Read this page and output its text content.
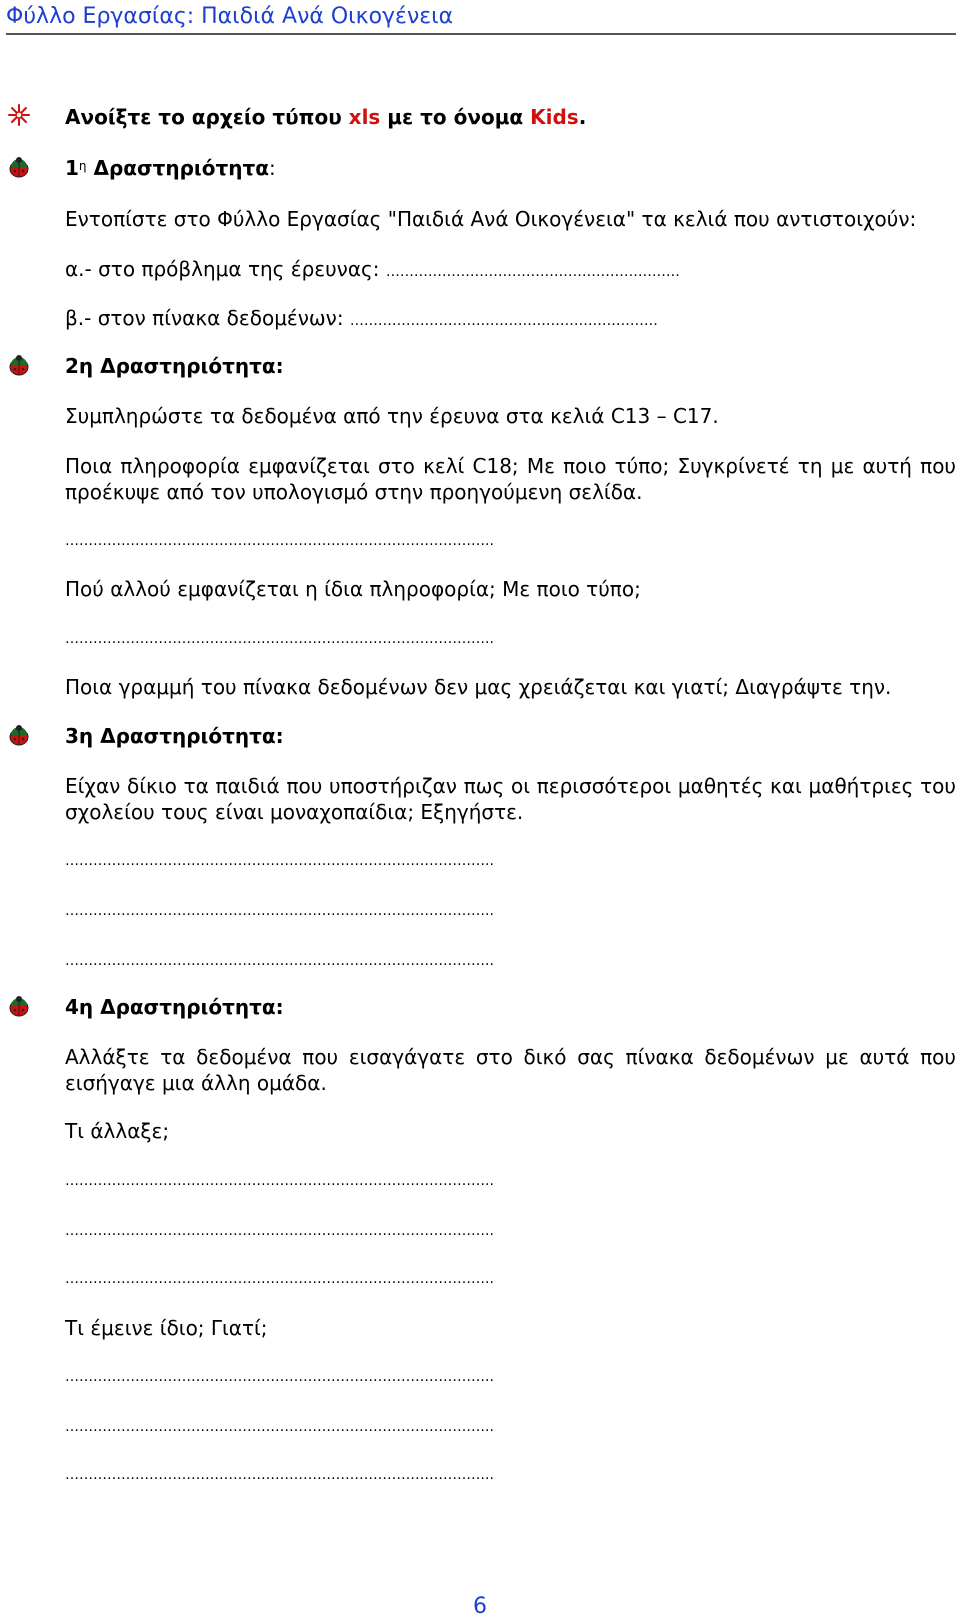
Φύλλο Εργασίας: Παιδιά Ανά Οικογένεια
Ανοίξτε το αρχείο τύπου xls με το όνομα Kids.
$1^\eta$ Δραστηριότητα:
Εντοπίστε στο Φύλλο Εργασίας "Παιδιά Ανά Οικογένεια" τα κελιά που αντιστοιχούν:
α.- στο πρόβλημα της έρευνας: ………………………………………………………
β.- στον πίνακα δεδομένων: …………………………………………………………
2η Δραστηριότητα:
Συμπληρώστε τα δεδομένα από την έρευνα στα κελιά C13 – C17.
Ποια πληροφορία εμφανίζεται στο κελί C18; Με ποιο τύπο; Συγκρίνετέ τη με αυτή που προέκυψε από τον υπολογισμό στην προηγούμενη σελίδα.
………………………………………………………………………………..
Πού αλλού εμφανίζεται η ίδια πληροφορία; Με ποιο τύπο;
………………………………………………………………………………..
Ποια γραμμή του πίνακα δεδομένων δεν μας χρειάζεται και γιατί; Διαγράψτε την.
3η Δραστηριότητα:
Είχαν δίκιο τα παιδιά που υποστήριζαν πως οι περισσότεροι μαθητές και μαθήτριες του σχολείου τους είναι μοναχοπαίδια; Εξηγήστε.
………………………………………………………………………………..
………………………………………………………………………………..
………………………………………………………………………………..
4η Δραστηριότητα:
Αλλάξτε τα δεδομένα που εισαγάγατε στο δικό σας πίνακα δεδομένων με αυτά που εισήγαγε μια άλλη ομάδα.
Τι άλλαξε;
………………………………………………………………………………..
………………………………………………………………………………..
………………………………………………………………………………..
Τι έμεινε ίδιο; Γιατί;
………………………………………………………………………………..
………………………………………………………………………………..
………………………………………………………………………………..
6
